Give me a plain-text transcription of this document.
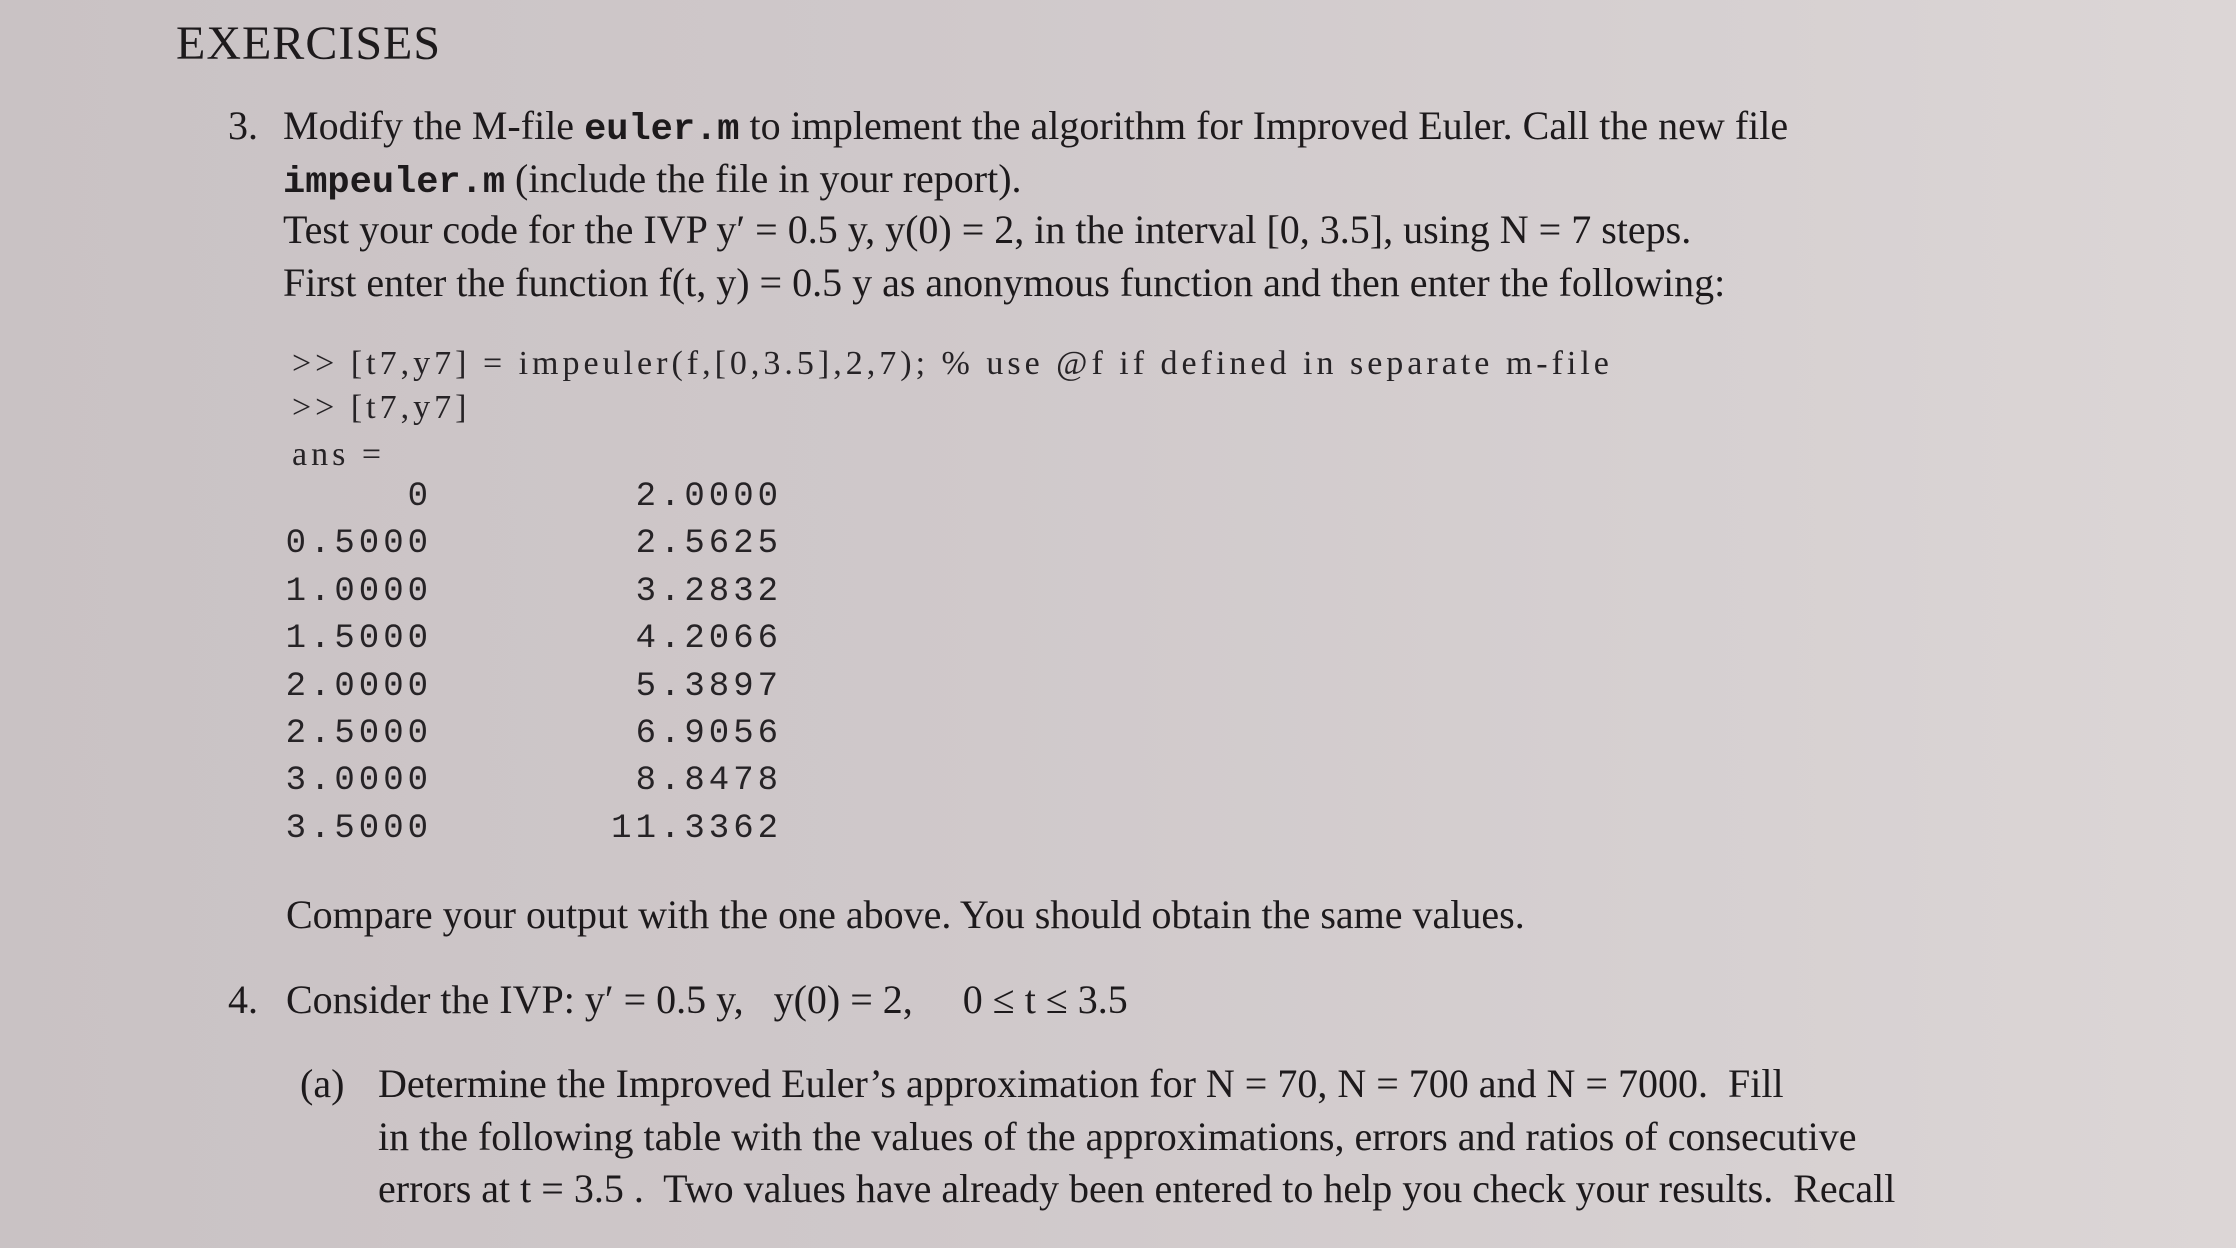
EXERCISES
3. Modify the M-file euler.m to implement the algorithm for Improved Euler. Call the new file
impeuler.m (include the file in your report).
Test your code for the IVP y′ = 0.5 y, y(0) = 2, in the interval [0, 3.5], using N = 7 steps.
First enter the function f(t, y) = 0.5 y as anonymous function and then enter the following:
>> [t7,y7] = impeuler(f,[0,3.5],2,7); % use @f if defined in separate m-file
>> [t7,y7]
ans =
0	2.0000
0.5000	2.5625
1.0000	3.2832
1.5000	4.2066
2.0000	5.3897
2.5000	6.9056
3.0000	8.8478
3.5000	11.3362
Compare your output with the one above. You should obtain the same values.
4. Consider the IVP: y′ = 0.5 y,   y(0) = 2,     0 ≤ t ≤ 3.5
(a) Determine the Improved Euler’s approximation for N = 70, N = 700 and N = 7000.  Fill
in the following table with the values of the approximations, errors and ratios of consecutive
errors at t = 3.5 .  Two values have already been entered to help you check your results.  Recall
